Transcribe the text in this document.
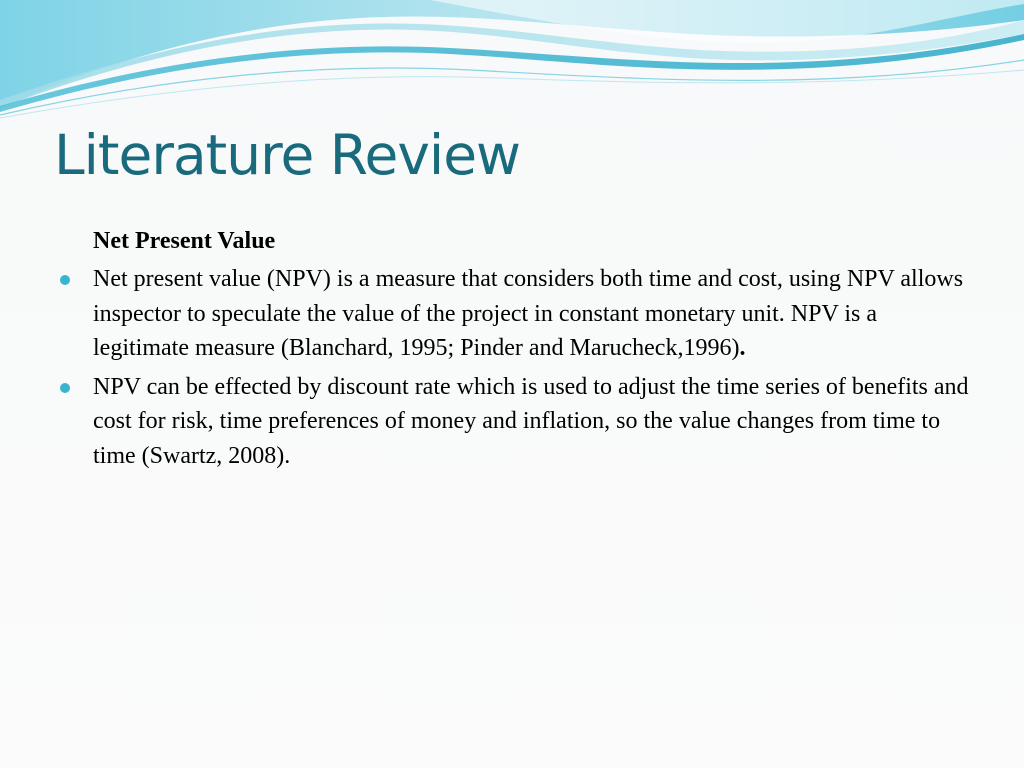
Literature Review

Net Present Value

Net present value (NPV) is a measure that considers both time and cost, using NPV allows inspector to speculate the value of the project in constant monetary unit. NPV is a legitimate measure (Blanchard, 1995; Pinder and Marucheck,1996).
NPV can be effected by discount rate which is used to adjust the time series of benefits and cost for risk, time preferences of money and inflation, so the value changes from time to time (Swartz, 2008).
